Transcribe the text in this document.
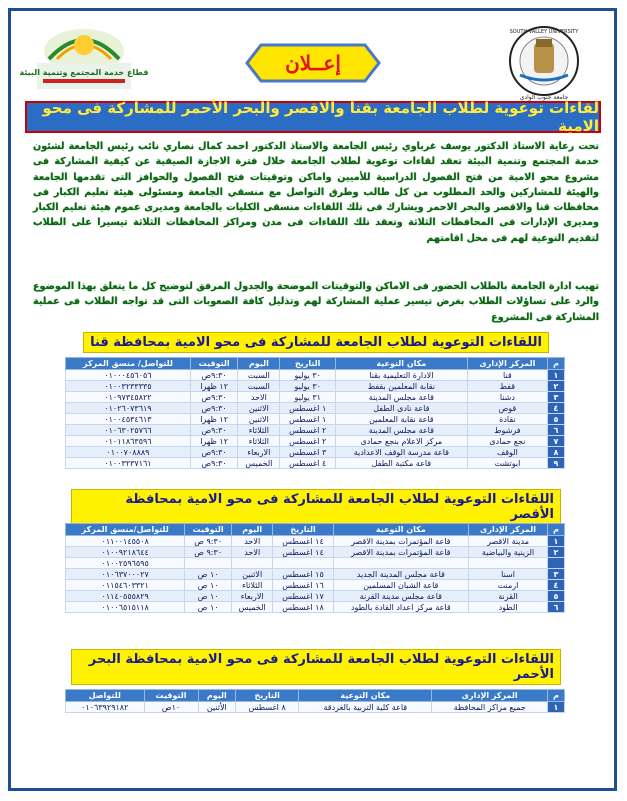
قطاع خدمة المجتمع وتنمية البيئة	إعــلان
SOUTH VALLEY UNIVERSITY
جامعة جنوب الوادي
لقاءات توعوية لطلاب الجامعة بقنا والاقصر والبحر الأحمر للمشاركة فى محو الامية
تحت رعاية الاستاذ الدكتور يوسف غرباوي رئيس الجامعة والاستاذ الدكتور احمد كمال نصاري نائب رئيس الجامعة لشئون خدمة المجتمع وتنمية البيئة تعقد لقاءات توعوية لطلاب الجامعة خلال فترة الاجازة الصيفية عن كيفية المشاركة فى مشروع محو الامية من فتح الفصول الدراسية للأميين واماكن وتوقيتات فتح الفصول والحوافز التى تقدمها الجامعة والهيئة للمشاركين والحد المطلوب من كل طالب وطرق التواصل مع منسقي الجامعة ومسئولى هيئة تعليم الكبار فى محافظات قنا والاقصر والبحر الاحمر ويشارك فى تلك اللقاءات منسقى الكليات بالجامعة ومديرى عموم هيئة تعليم الكبار ومديرى الإدارات فى المحافظات الثلاثة وتعقد تلك اللقاءات فى مدن ومراكز المحافظات الثلاثة تيسيرا على الطلاب لتقديم التوعية لهم فى محل اقامتهم
تهيب ادارة الجامعة بالطلاب الحضور فى الاماكن والتوقيتات الموضحة والجدول المرفق لتوضيح كل ما يتعلق بهذا الموضوع والرد على تساؤلات الطلاب بغرض تيسير عملية المشاركة لهم وتذليل كافة الصعوبات التى قد تواجه الطلاب فى عملية المشاركة فى المشروع
اللقاءات التوعوية لطلاب الجامعة للمشاركة فى محو الامية بمحافظة قنا
م	المركز الإدارى	مكان التوعية	التاريخ	اليوم	التوقيت	للتواصل/ منسق المركز
١	قنا	الادارة التعليمية بقنا	٣٠ يوليو	السبت	٩:٣٠ص	٠١٠٠٠٤٥٦٠٥٦
٢	قفط	نقابة المعلمين بقفط	٣٠ يوليو	السبت	١٢ ظهرا	٠١٠٠٣٢٣٣٣٣٥
٣	دشنا	قاعة مجلس المدينة	٣١ يوليو	الاحد	٩:٣٠ص	٠١٠٩٧٣٤٥٨٢٢
٤	قوص	قاعة نادى الطفل	١ اغسطس	الاثنين	٩:٣٠ص	٠١٠٢٦٠٧٣٦١٩
٥	نقادة	قاعة نقابة المعلمين	١ اغسطس	الاثنين	١٢ ظهرا	٠١٠٠٤٥٣٤٦١٣
٦	فرشوط	قاعة مجلس المدينة	٢ اغسطس	الثلاثاء	٩:٣٠ص	٠١٠٦٣٠٢٥٧٦٦
٧	نجع حمادى	مركز الاعلام بنجع حمادى	٢ اغسطس	الثلاثاء	١٢ ظهرا	٠١٠١١٨٦٣٥٩٦
٨	الوقف	قاعة مدرسة الوقف الاعدادية	٣ اغسطس	الاربعاء	٩:٣٠ص	٠١٠٠٧٠٨٨٨٩
٩	ابوتشت	قاعة مكتبة الطفل	٤ اغسطس	الخميس	٩:٣٠ص	٠١٠٠٣٢٣٧١٦١
اللقاءات التوعوية لطلاب الجامعة للمشاركة فى محو الامية بمحافظة الأقصر
م	المركز الإدارى	مكان التوعية	التاريخ	اليوم	التوقيت	للتواصل/منسق المركز
١	مدينة الاقصر	قاعة المؤتمرات بمدينة الاقصر	١٤ اغسطس	الاحد	٩:٣٠ ص	٠١١٠٠١٤٥٥٠٨
٢	الزينية والبياضية	قاعة المؤتمرات بمدينة الاقصر	١٤ اغسطس	الاحد	٩:٣٠ ص	٠١٠٠٩٢١٨٦٤٤
						٠١٠٠٢٥٩٦٥٩٥
٣	اسنا	قاعة مجلس المدينة الجديد	١٥ اغسطس	الاثنين	١٠ ص	٠١٠٦٣٧٠٠٠٢٧
٤	ارمنت	قاعة الشبان المسلمين	١٦ اغسطس	الثلاثاء	١٠ ص	٠١١٥٤٦٠٣٣٢١
٥	القرنة	قاعة مجلس مدينة القرنة	١٧ اغسطس	الاربعاء	١٠ ص	٠١١٤٠٥٥٥٨٢٩
٦	الطود	قاعة مركز اعداد القادة بالطود	١٨ اغسطس	الخميس	١٠ ص	٠١٠٠٦٥١٥١١٨
اللقاءات التوعوية لطلاب الجامعة للمشاركة فى محو الامية بمحافظة البحر الأحمر
م	المركز الإدارى	مكان التوعية	التاريخ	اليوم	التوقيت	للتواصل
١	جميع مراكز المحافظة	قاعة كلية التربية بالغردقة	٨ اغسطس	الأثنين	١٠ص	٠١٠٦٣٩٢٩١٨٢
